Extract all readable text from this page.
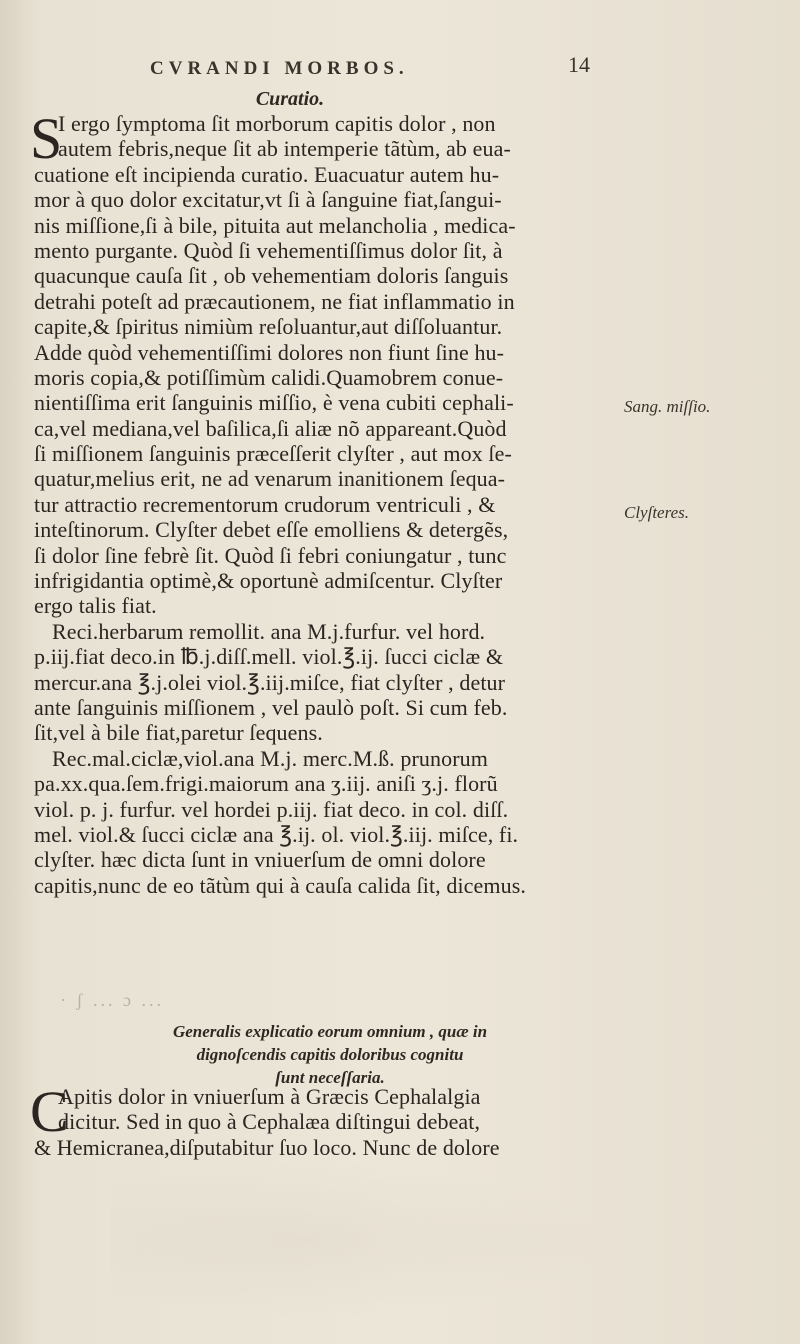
CVRANDI MORBOS.	14
Curatio.
S
I ergo ſymptoma ſit morborum capitis dolor , non
autem febris,neque ſit ab intemperie tãtùm, ab eua-
cuatione eſt incipienda curatio. Euacuatur autem hu-
mor à quo dolor excitatur,vt ſi à ſanguine fiat,ſangui-
nis miſſione,ſi à bile, pituita aut melancholia , medica-
mento purgante. Quòd ſi vehementiſſimus dolor ſit, à
quacunque cauſa ſit , ob vehementiam doloris ſanguis
detrahi poteſt ad præcautionem, ne fiat inflammatio in
capite,& ſpiritus nimiùm reſoluantur,aut diſſoluantur.
Adde quòd vehementiſſimi dolores non fiunt ſine hu-
moris copia,& potiſſimùm calidi.Quamobrem conue-
nientiſſima erit ſanguinis miſſio, è vena cubiti cephali-
ca,vel mediana,vel baſilica,ſi aliæ nõ appareant.Quòd
ſi miſſionem ſanguinis præceſſerit clyſter , aut mox ſe-
quatur,melius erit, ne ad venarum inanitionem ſequa-
tur attractio recrementorum crudorum ventriculi , &
inteſtinorum. Clyſter debet eſſe emolliens & detergẽs,
ſi dolor ſine febrè ſit. Quòd ſi febri coniungatur , tunc
infrigidantia optimè,& oportunè admiſcentur. Clyſter
ergo talis fiat.
Reci.herbarum remollit. ana M.j.furfur. vel hord.
p.iij.fiat deco.in ℔.j.diſſ.mell. viol.℥.ij. ſucci ciclæ &
mercur.ana ℥.j.olei viol.℥.iij.miſce, fiat clyſter , detur
ante ſanguinis miſſionem , vel paulò poſt. Si cum feb.
ſit,vel à bile fiat,paretur ſequens.
Rec.mal.ciclæ,viol.ana M.j. merc.M.ß. prunorum
pa.xx.qua.ſem.frigi.maiorum ana ʒ.iij. aniſi ʒ.j. florũ
viol. p. j. furfur. vel hordei p.iij. fiat deco. in col. diſſ.
mel. viol.& ſucci ciclæ ana ℥.ij. ol. viol.℥.iij. miſce, fi.
clyſter. hæc dicta ſunt in vniuerſum de omni dolore
capitis,nunc de eo tãtùm qui à cauſa calida ſit, dicemus.
Sang. miſſio.
Clyſteres.
· ʃ ... ɔ ...
Generalis explicatio eorum omnium , quæ in
dignoſcendis capitis doloribus cognitu
ſunt neceſſaria.
C
Apitis dolor in vniuerſum à Græcis Cephalalgia
dicitur. Sed in quo à Cephalæa diſtingui debeat,
& Hemicranea,diſputabitur ſuo loco. Nunc de dolore
